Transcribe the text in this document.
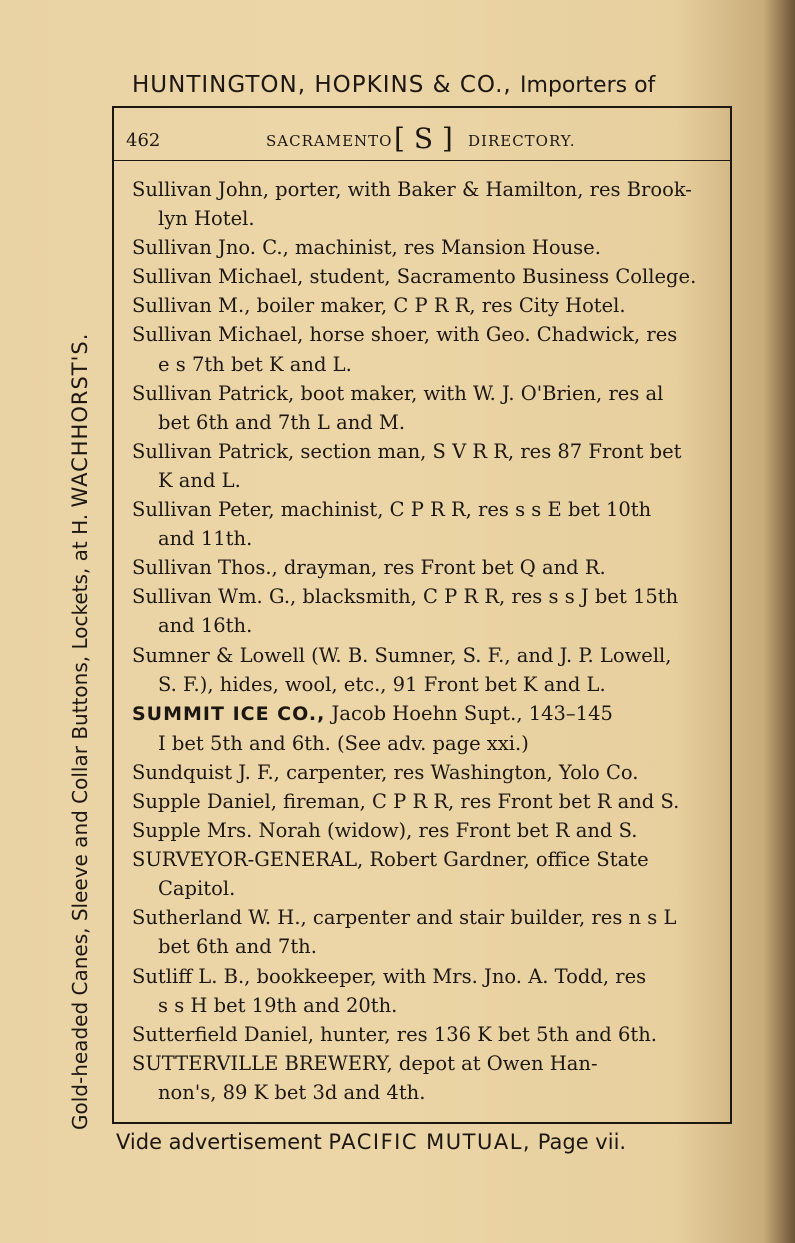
HUNTINGTON, HOPKINS & CO., Importers of
Gold-headed Canes, Sleeve and Collar Buttons, Lockets, at H. WACHHORST'S.
462	SACRAMENTO [ S ] DIRECTORY.
Sullivan John, porter, with Baker & Hamilton, res Brook-
lyn Hotel.
Sullivan Jno. C., machinist, res Mansion House.
Sullivan Michael, student, Sacramento Business College.
Sullivan M., boiler maker, C P R R, res City Hotel.
Sullivan Michael, horse shoer, with Geo. Chadwick, res
e s 7th bet K and L.
Sullivan Patrick, boot maker, with W. J. O'Brien, res al
bet 6th and 7th L and M.
Sullivan Patrick, section man, S V R R, res 87 Front bet
K and L.
Sullivan Peter, machinist, C P R R, res s s E bet 10th
and 11th.
Sullivan Thos., drayman, res Front bet Q and R.
Sullivan Wm. G., blacksmith, C P R R, res s s J bet 15th
and 16th.
Sumner & Lowell (W. B. Sumner, S. F., and J. P. Lowell,
S. F.), hides, wool, etc., 91 Front bet K and L.
SUMMIT ICE CO., Jacob Hoehn Supt., 143–145
I bet 5th and 6th. (See adv. page xxi.)
Sundquist J. F., carpenter, res Washington, Yolo Co.
Supple Daniel, fireman, C P R R, res Front bet R and S.
Supple Mrs. Norah (widow), res Front bet R and S.
SURVEYOR-GENERAL, Robert Gardner, office State
Capitol.
Sutherland W. H., carpenter and stair builder, res n s L
bet 6th and 7th.
Sutliff L. B., bookkeeper, with Mrs. Jno. A. Todd, res
s s H bet 19th and 20th.
Sutterfield Daniel, hunter, res 136 K bet 5th and 6th.
SUTTERVILLE BREWERY, depot at Owen Han-
non's, 89 K bet 3d and 4th.
Vide advertisement PACIFIC MUTUAL, Page vii.
